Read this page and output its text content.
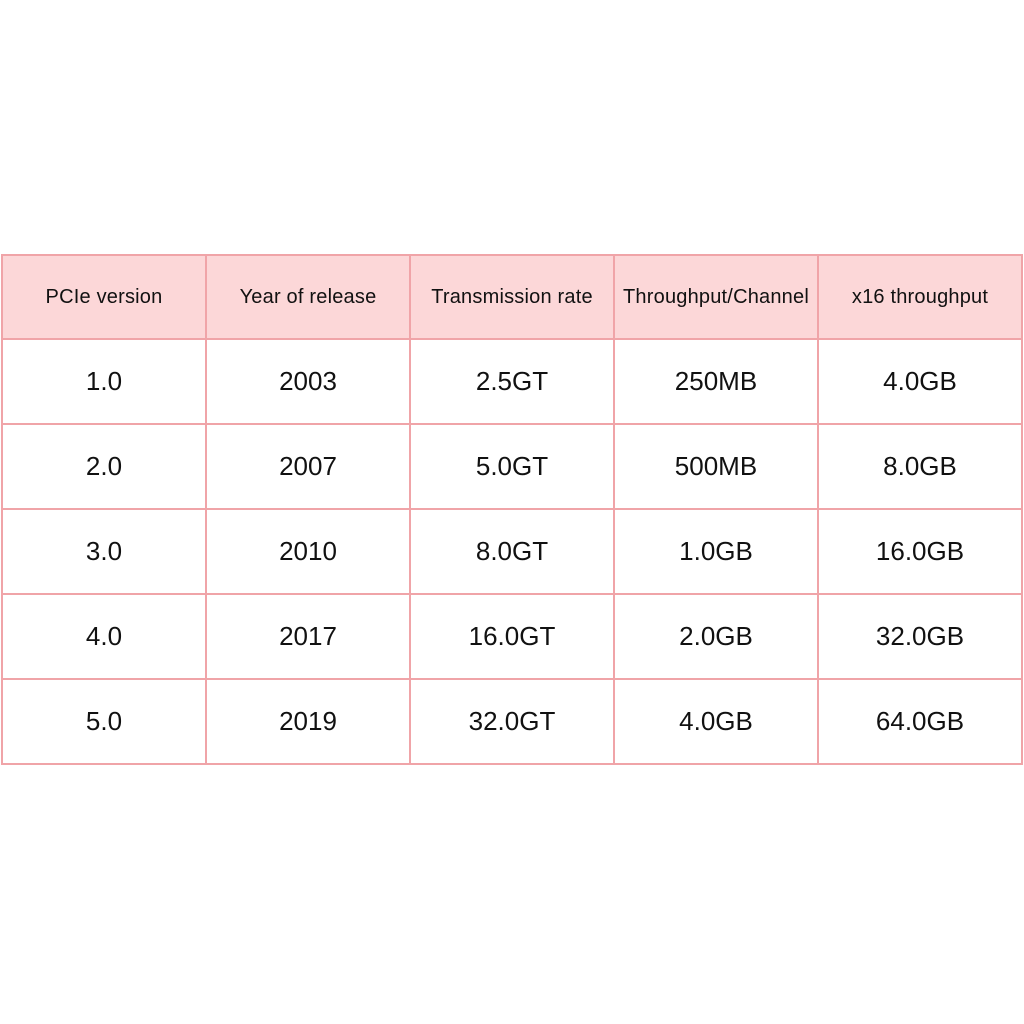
PCIe version	Year of release	Transmission rate	Throughput/Channel	x16 throughput
1.0	2003	2.5GT	250MB	4.0GB
2.0	2007	5.0GT	500MB	8.0GB
3.0	2010	8.0GT	1.0GB	16.0GB
4.0	2017	16.0GT	2.0GB	32.0GB
5.0	2019	32.0GT	4.0GB	64.0GB
